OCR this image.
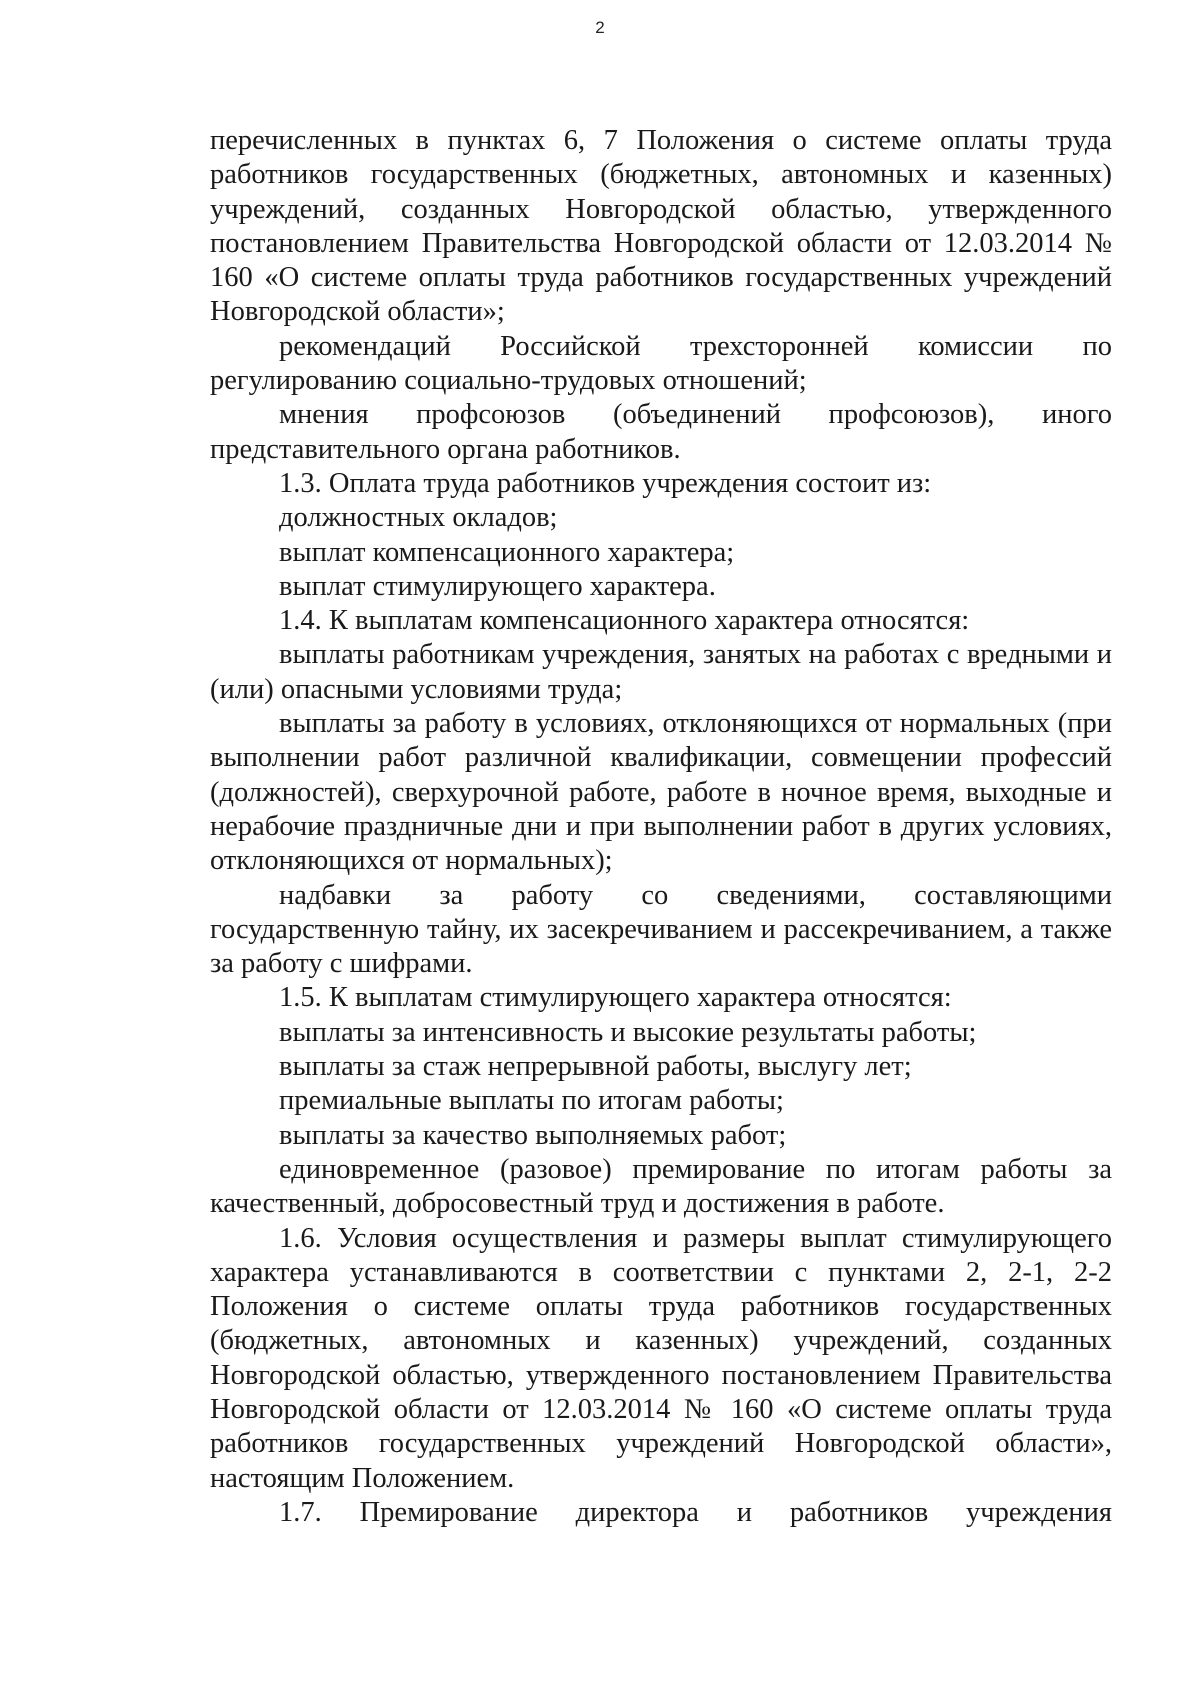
2

перечисленных в пунктах 6, 7 Положения о системе оплаты труда работников государственных (бюджетных, автономных и казенных) учреждений, созданных Новгородской областью, утвержденного постановлением Правительства Новгородской области от 12.03.2014 № 160 «О системе оплаты труда работников государственных учреждений Новгородской области»;

рекомендаций Российской трехсторонней комиссии по регулированию социально-трудовых отношений;

мнения профсоюзов (объединений профсоюзов), иного представительного органа работников.

1.3. Оплата труда работников учреждения состоит из:

должностных окладов;

выплат компенсационного характера;

выплат стимулирующего характера.

1.4. К выплатам компенсационного характера относятся:

выплаты работникам учреждения, занятых на работах с вредными и (или) опасными условиями труда;

выплаты за работу в условиях, отклоняющихся от нормальных (при выполнении работ различной квалификации, совмещении профессий (должностей), сверхурочной работе, работе в ночное время, выходные и нерабочие праздничные дни и при выполнении работ в других условиях, отклоняющихся от нормальных);

надбавки за работу со сведениями, составляющими государственную тайну, их засекречиванием и рассекречиванием, а также за работу с шифрами.

1.5. К выплатам стимулирующего характера относятся:

выплаты за интенсивность и высокие результаты работы;

выплаты за стаж непрерывной работы, выслугу лет;

премиальные выплаты по итогам работы;

выплаты за качество выполняемых работ;

единовременное (разовое) премирование по итогам работы за качественный, добросовестный труд и достижения в работе.

1.6. Условия осуществления и размеры выплат стимулирующего характера устанавливаются в соответствии с пунктами 2, 2-1, 2-2 Положения о системе оплаты труда работников государственных (бюджетных, автономных и казенных) учреждений, созданных Новгородской областью, утвержденного постановлением Правительства Новгородской области от 12.03.2014 № 160 «О системе оплаты труда работников государственных учреждений Новгородской области», настоящим Положением.

1.7. Премирование директора и работников учреждения
